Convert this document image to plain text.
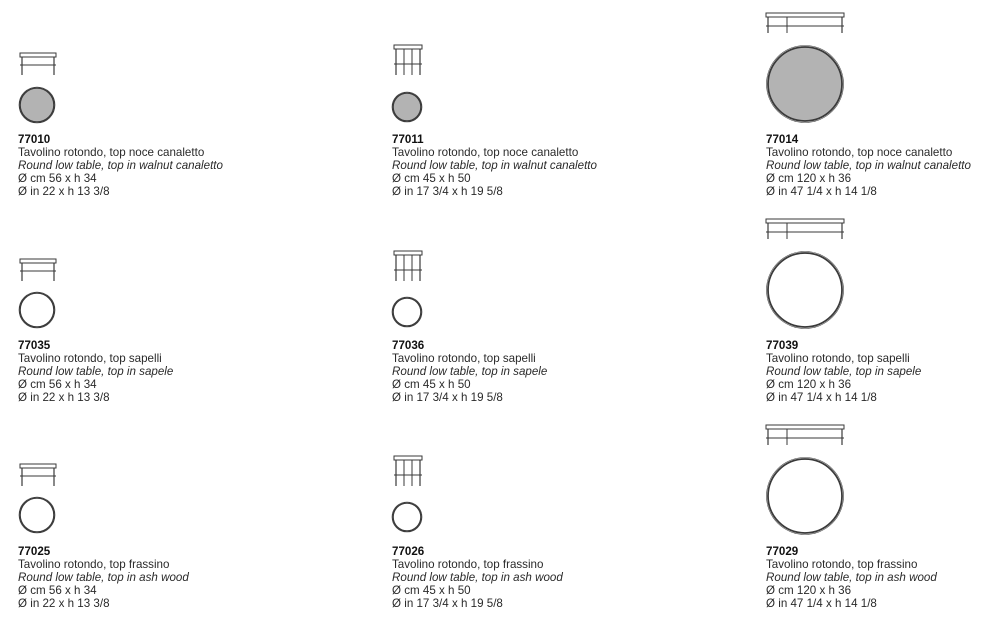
77010
Tavolino rotondo, top noce canaletto
Round low table, top in walnut canaletto
Ø cm 56 x h 34
Ø in 22 x h 13 3/8
77011
Tavolino rotondo, top noce canaletto
Round low table, top in walnut canaletto
Ø cm 45 x h 50
Ø in 17 3/4 x h 19 5/8
77014
Tavolino rotondo, top noce canaletto
Round low table, top in walnut canaletto
Ø cm 120 x h 36
Ø in 47 1/4 x h 14 1/8
77035
Tavolino rotondo, top sapelli
Round low table, top in sapele
Ø cm 56 x h 34
Ø in 22 x h 13 3/8
77036
Tavolino rotondo, top sapelli
Round low table, top in sapele
Ø cm 45 x h 50
Ø in 17 3/4 x h 19 5/8
77039
Tavolino rotondo, top sapelli
Round low table, top in sapele
Ø cm 120 x h 36
Ø in 47 1/4 x h 14 1/8
77025
Tavolino rotondo, top frassino
Round low table, top in ash wood
Ø cm 56 x h 34
Ø in 22 x h 13 3/8
77026
Tavolino rotondo, top frassino
Round low table, top in ash wood
Ø cm 45 x h 50
Ø in 17 3/4 x h 19 5/8
77029
Tavolino rotondo, top frassino
Round low table, top in ash wood
Ø cm 120 x h 36
Ø in 47 1/4 x h 14 1/8
